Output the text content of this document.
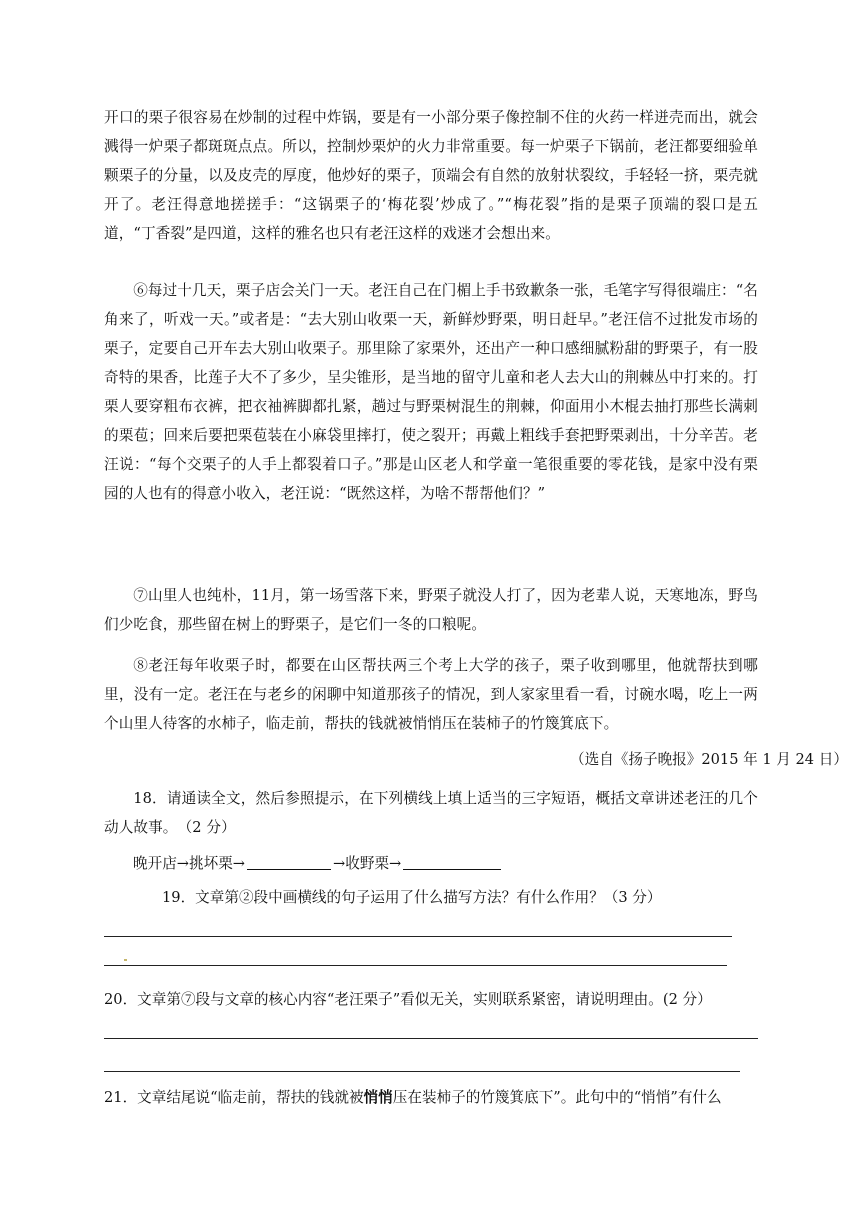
开口的栗子很容易在炒制的过程中炸锅，要是有一小部分栗子像控制不住的火药一样迸壳而出，就会溅得一炉栗子都斑斑点点。所以，控制炒栗炉的火力非常重要。每一炉栗子下锅前，老汪都要细验单颗栗子的分量，以及皮壳的厚度，他炒好的栗子，顶端会有自然的放射状裂纹，手轻轻一挤，栗壳就开了。老汪得意地搓搓手：“这锅栗子的‘梅花裂’炒成了。”“梅花裂”指的是栗子顶端的裂口是五道，“丁香裂”是四道，这样的雅名也只有老汪这样的戏迷才会想出来。

⑥每过十几天，栗子店会关门一天。老汪自己在门楣上手书致歉条一张，毛笔字写得很端庄：“名角来了，听戏一天。”或者是：“去大别山收栗一天，新鲜炒野栗，明日赶早。”老汪信不过批发市场的栗子，定要自己开车去大别山收栗子。那里除了家栗外，还出产一种口感细腻粉甜的野栗子，有一股奇特的果香，比莲子大不了多少，呈尖锥形，是当地的留守儿童和老人去大山的荆棘丛中打来的。打栗人要穿粗布衣裤，把衣袖裤脚都扎紧，趟过与野栗树混生的荆棘，仰面用小木棍去抽打那些长满刺的栗苞；回来后要把栗苞装在小麻袋里摔打，使之裂开；再戴上粗线手套把野栗剥出，十分辛苦。老汪说：“每个交栗子的人手上都裂着口子。”那是山区老人和学童一笔很重要的零花钱，是家中没有栗园的人也有的得意小收入，老汪说：“既然这样，为啥不帮帮他们？”

⑦山里人也纯朴，11月，第一场雪落下来，野栗子就没人打了，因为老辈人说，天寒地冻，野鸟们少吃食，那些留在树上的野栗子，是它们一冬的口粮呢。

⑧老汪每年收栗子时，都要在山区帮扶两三个考上大学的孩子，栗子收到哪里，他就帮扶到哪里，没有一定。老汪在与老乡的闲聊中知道那孩子的情况，到人家家里看一看，讨碗水喝，吃上一两个山里人待客的水柿子，临走前，帮扶的钱就被悄悄压在装柿子的竹篾箕底下。

（选自《扬子晚报》2015 年 1 月 24 日）

18．请通读全文，然后参照提示，在下列横线上填上适当的三字短语，概括文章讲述老汪的几个动人故事。　（2 分）

晚开店→挑坏栗→	→收野栗→

19．文章第②段中画横线的句子运用了什么描写方法？有什么作用？（3 分）

20．文章第⑦段与文章的核心内容“老汪栗子”看似无关，实则联系紧密，请说明理由。(2 分）

21．文章结尾说“临走前，帮扶的钱就被悄悄压在装柿子的竹篾箕底下”。此句中的“悄悄”有什么
